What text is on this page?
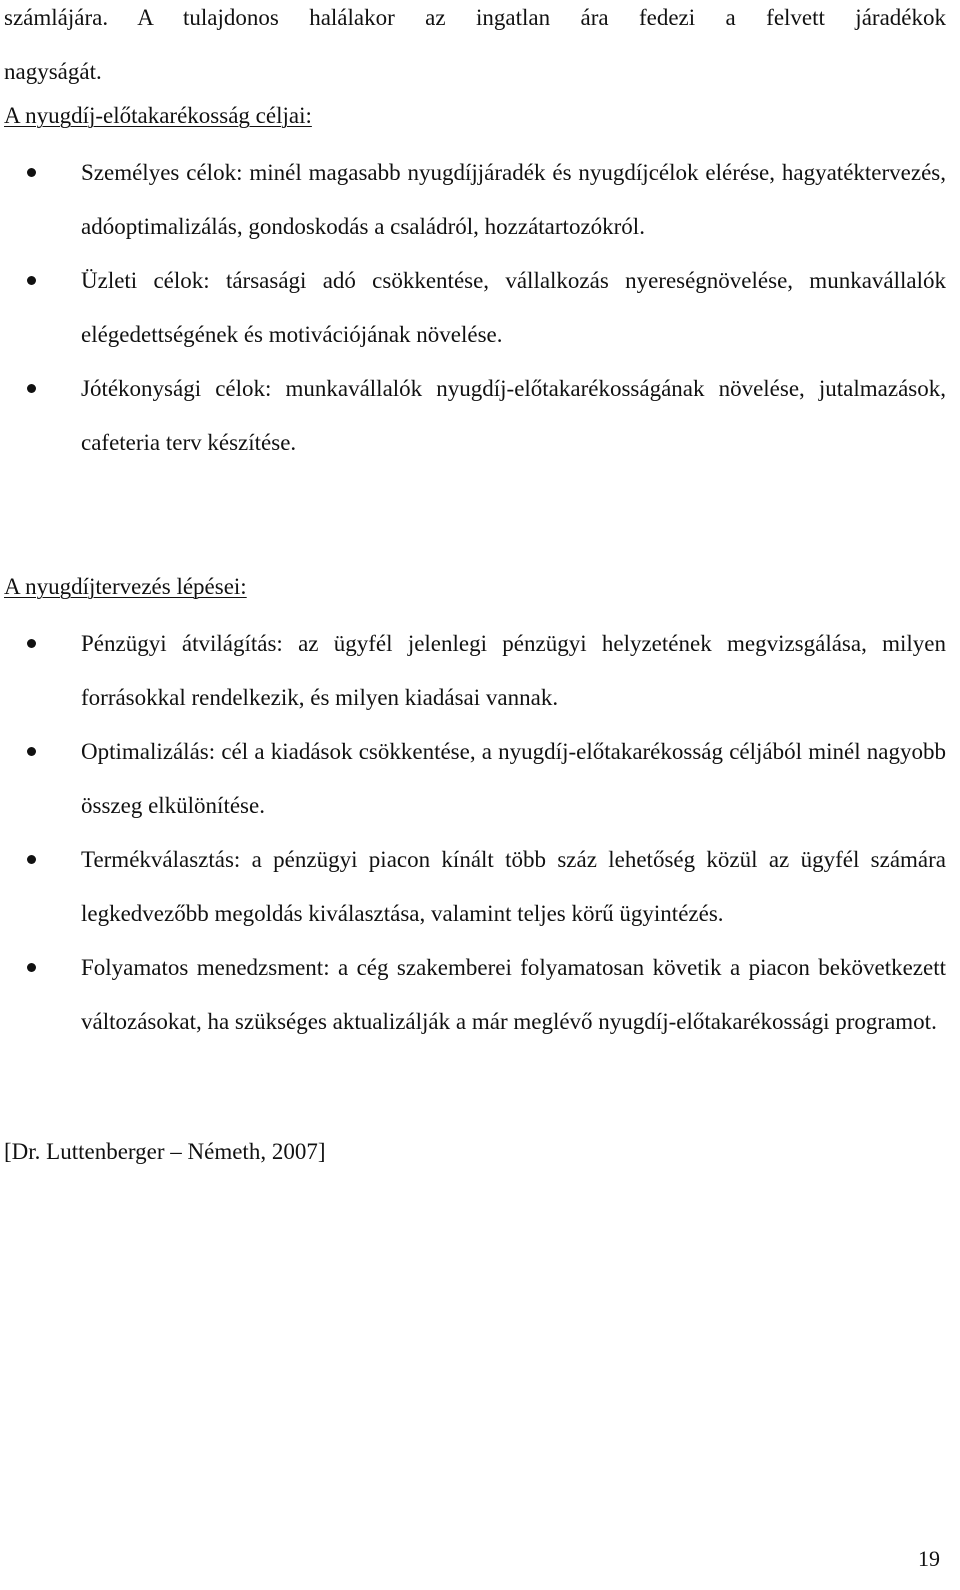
számlájára. A tulajdonos halálakor az ingatlan ára fedezi a felvett járadékok
nagyságát.
A nyugdíj-előtakarékosság céljai:
Személyes célok: minél magasabb nyugdíjjáradék és nyugdíjcélok elérése, hagyatéktervezés, adóoptimalizálás, gondoskodás a családról, hozzátartozókról.
Üzleti célok: társasági adó csökkentése, vállalkozás nyereségnövelése, munkavállalók elégedettségének és motivációjának növelése.
Jótékonysági célok: munkavállalók nyugdíj-előtakarékosságának növelése, jutalmazások, cafeteria terv készítése.
A nyugdíjtervezés lépései:
Pénzügyi átvilágítás: az ügyfél jelenlegi pénzügyi helyzetének megvizsgálása, milyen forrásokkal rendelkezik, és milyen kiadásai vannak.
Optimalizálás: cél a kiadások csökkentése, a nyugdíj-előtakarékosság céljából minél nagyobb összeg elkülönítése.
Termékválasztás: a pénzügyi piacon kínált több száz lehetőség közül az ügyfél számára legkedvezőbb megoldás kiválasztása, valamint teljes körű ügyintézés.
Folyamatos menedzsment: a cég szakemberei folyamatosan követik a piacon bekövetkezett változásokat, ha szükséges aktualizálják a már meglévő nyugdíj-előtakarékossági programot.
[Dr. Luttenberger – Németh, 2007]
19
